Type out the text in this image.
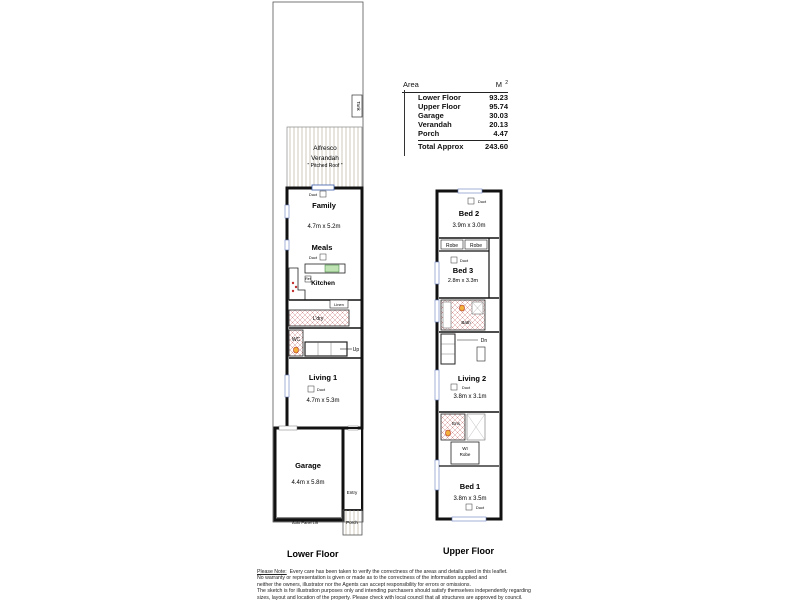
Tank
Alfresco
Verandah
" Pitched Roof "
Duct
Family
4.7m x 5.2m
Meals
Duct
Ref
Kitchen
Linen
L'dry
WC
Up
Living 1
Duct
4.7m x 5.3m
Garage
4.4m x 5.8m
Auto Panel Lift
Entry
Porch
Duct
Bed 2
3.9m x 3.0m
Robe Robe
Duct
Bed 3
2.8m x 3.3m
Bath
Dn
Living 2
Duct
3.8m x 3.1m
Ens
WI
Robe
Bed 1
3.8m x 3.5m
Duct
Lower Floor	Upper Floor
Area	M 2
Lower Floor	93.23
Upper Floor	95.74
Garage	30.03
Verandah	20.13
Porch	4.47
Total Approx	243.60
Please Note: Every care has been taken to verify the correctness of the areas and details used in this leaflet.
No warranty or representation is given or made as to the correctness of the information supplied and
neither the owners, illustrator nor the Agents can accept responsibility for errors or omissions.
The sketch is for illustration purposes only and intending purchasers should satisfy themselves independently regarding
sizes, layout and location of the property. Please check with local council that all structures are approved by council.
